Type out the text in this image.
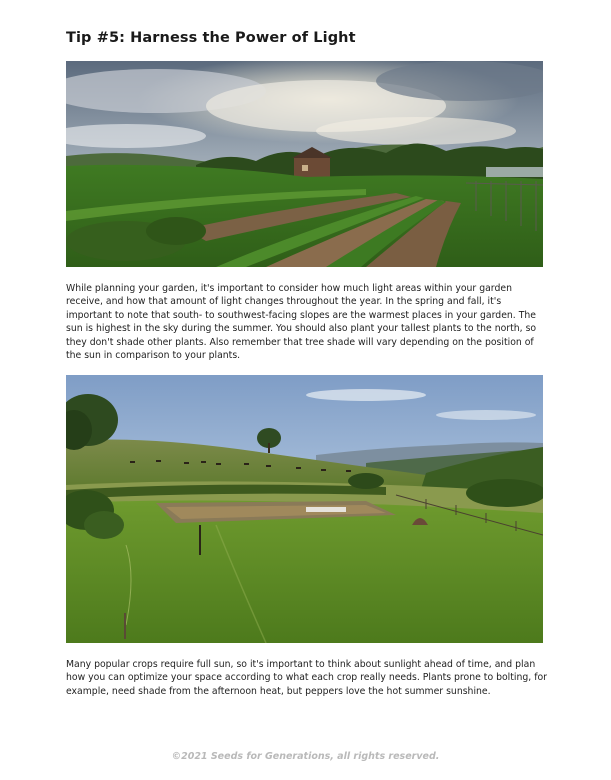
Tip #5: Harness the Power of Light

While planning your garden, it's important to consider how much light areas within your garden receive, and how that amount of light changes throughout the year. In the spring and fall, it's important to note that south- to southwest-facing slopes are the warmest places in your garden. The sun is highest in the sky during the summer. You should also plant your tallest plants to the north, so they don't shade other plants. Also remember that tree shade will vary depending on the position of the sun in comparison to your plants.

Many popular crops require full sun, so it's important to think about sunlight ahead of time, and plan how you can optimize your space according to what each crop really needs. Plants prone to bolting, for example, need shade from the afternoon heat, but peppers love the hot summer sunshine.

©2021 Seeds for Generations, all rights reserved.
